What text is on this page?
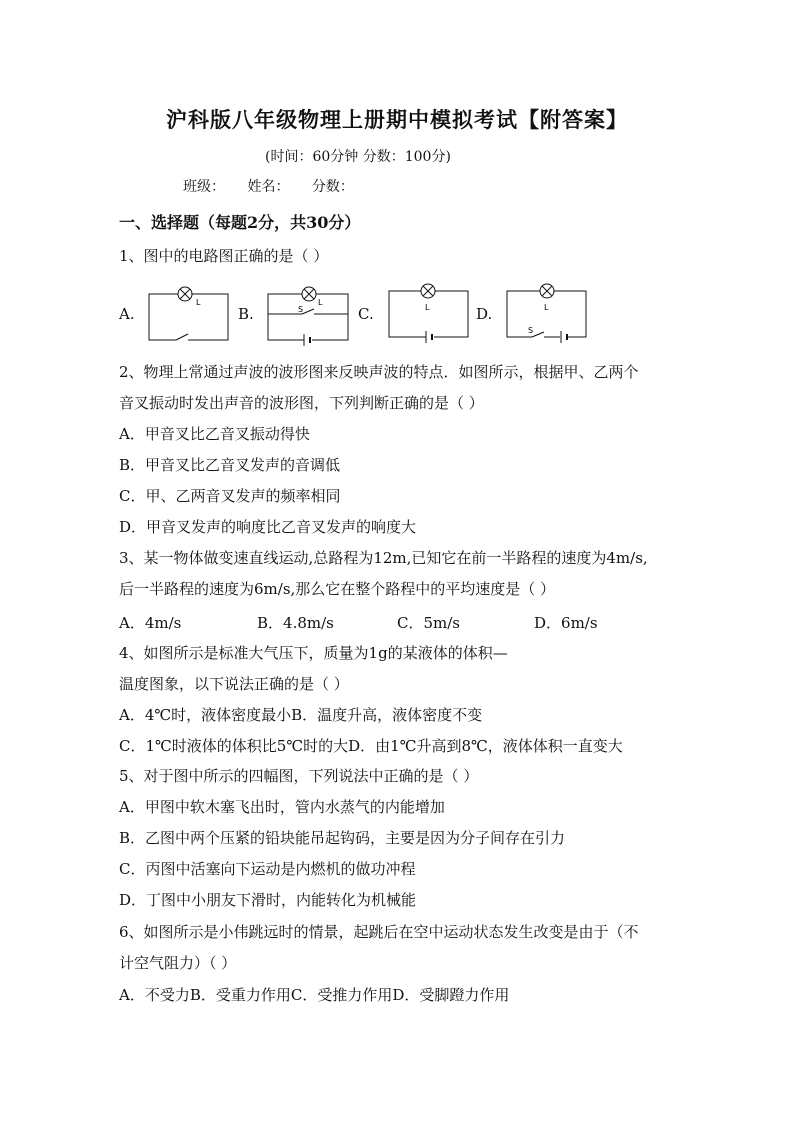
沪科版八年级物理上册期中模拟考试【附答案】
(时间：60分钟 分数：100分)
班级： 姓名： 分数：
一、选择题（每题2分，共30分）
1、图中的电路图正确的是（ ）
A.
L
B.
L
S	C.	L	D.	L
S
2、物理上常通过声波的波形图来反映声波的特点．如图所示，根据甲、乙两个
音叉振动时发出声音的波形图，下列判断正确的是（ ）
A．甲音叉比乙音叉振动得快
B．甲音叉比乙音叉发声的音调低
C．甲、乙两音叉发声的频率相同
D．甲音叉发声的响度比乙音叉发声的响度大
3、某一物体做变速直线运动,总路程为12m,已知它在前一半路程的速度为4m/s,
后一半路程的速度为6m/s,那么它在整个路程中的平均速度是（ ）
A．4m/s	B．4.8m/s	C．5m/s	D．6m/s
4、如图所示是标准大气压下，质量为1g的某液体的体积—
温度图象，以下说法正确的是（ ）
A．4℃时，液体密度最小B．温度升高，液体密度不变
C．1℃时液体的体积比5℃时的大D．由1℃升高到8℃，液体体积一直变大
5、对于图中所示的四幅图，下列说法中正确的是（ ）
A．甲图中软木塞飞出时，管内水蒸气的内能增加
B．乙图中两个压紧的铅块能吊起钩码，主要是因为分子间存在引力
C．丙图中活塞向下运动是内燃机的做功冲程
D．丁图中小朋友下滑时，内能转化为机械能
6、如图所示是小伟跳远时的情景，起跳后在空中运动状态发生改变是由于（不
计空气阻力）（ ）
A．不受力B．受重力作用C．受推力作用D．受脚蹬力作用
